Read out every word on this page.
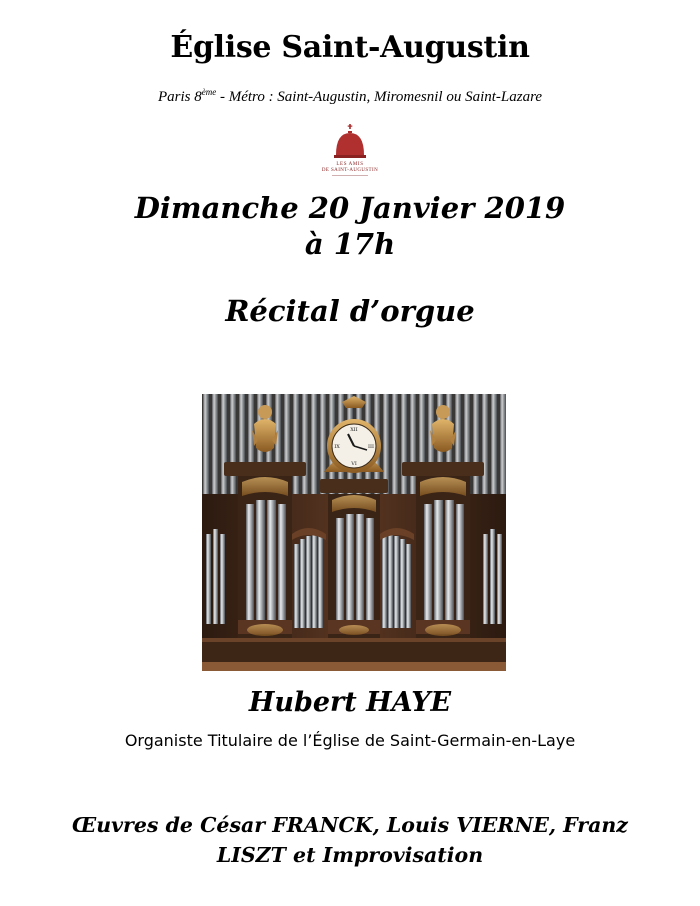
Église Saint-Augustin
Paris 8ème - Métro : Saint-Augustin, Miromesnil ou Saint-Lazare
LES AMIS
DE SAINT-AUGUSTIN
Dimanche 20 Janvier 2019
à 17h
Récital d’orgue
XII
III
VI
IX
Hubert HAYE
Organiste Titulaire de l’Église de Saint-Germain-en-Laye
Œuvres de César FRANCK, Louis VIERNE, Franz
LISZT et Improvisation
